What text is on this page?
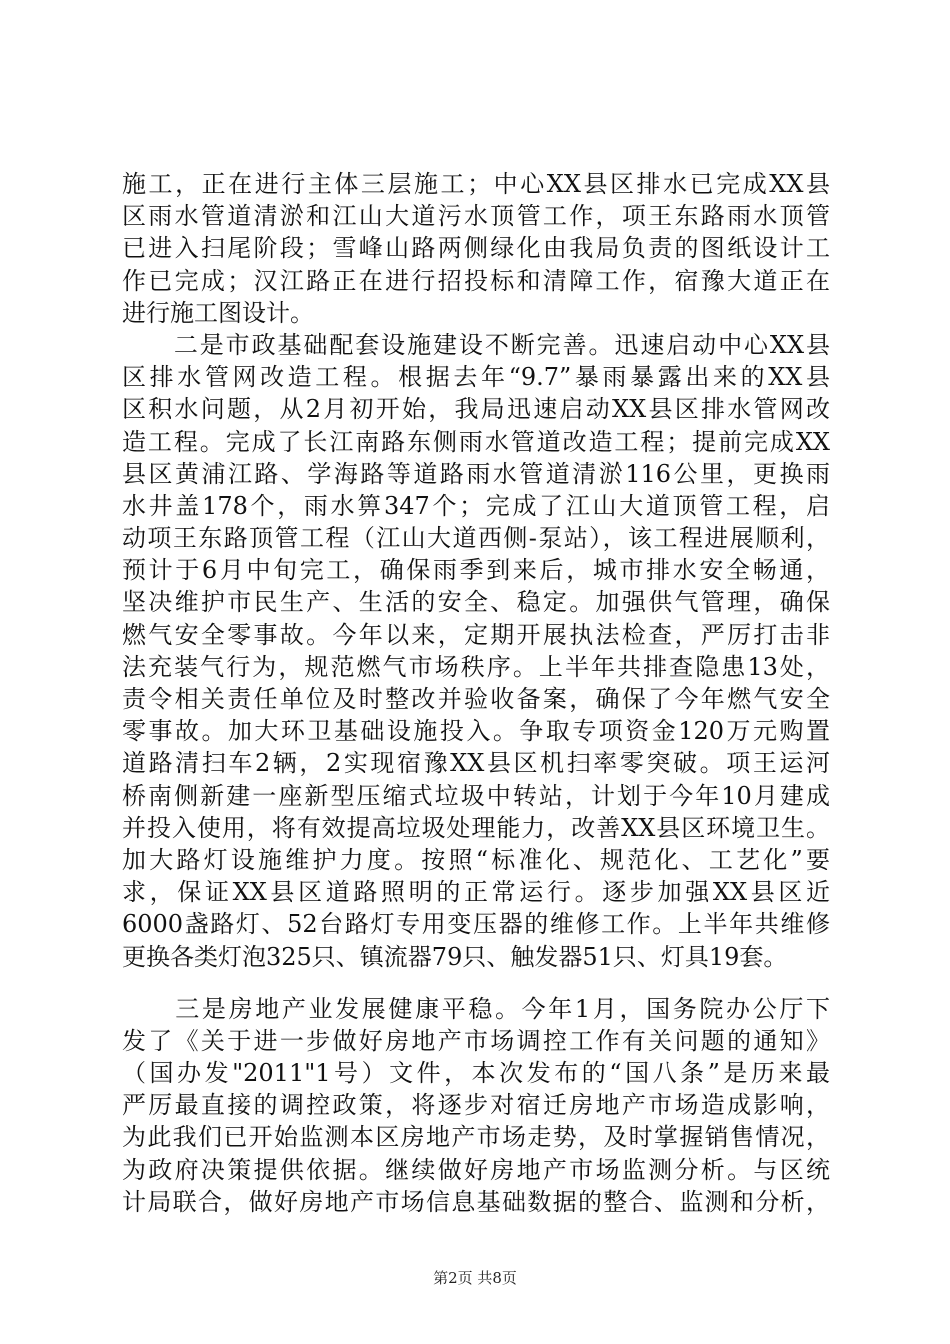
施工，正在进行主体三层施工；中心XX县区排水已完成XX县
区雨水管道清淤和江山大道污水顶管工作，项王东路雨水顶管
已进入扫尾阶段；雪峰山路两侧绿化由我局负责的图纸设计工
作已完成；汉江路正在进行招投标和清障工作，宿豫大道正在
进行施工图设计。
　　二是市政基础配套设施建设不断完善。迅速启动中心XX县
区排水管网改造工程。根据去年“9.7”暴雨暴露出来的XX县
区积水问题，从2月初开始，我局迅速启动XX县区排水管网改
造工程。完成了长江南路东侧雨水管道改造工程；提前完成XX
县区黄浦江路、学海路等道路雨水管道清淤116公里，更换雨
水井盖178个，雨水箅347个；完成了江山大道顶管工程，启
动项王东路顶管工程（江山大道西侧-泵站），该工程进展顺利，
预计于6月中旬完工，确保雨季到来后，城市排水安全畅通，
坚决维护市民生产、生活的安全、稳定。加强供气管理，确保
燃气安全零事故。今年以来，定期开展执法检查，严厉打击非
法充装气行为，规范燃气市场秩序。上半年共排查隐患13处，
责令相关责任单位及时整改并验收备案，确保了今年燃气安全
零事故。加大环卫基础设施投入。争取专项资金120万元购置
道路清扫车2辆，2实现宿豫XX县区机扫率零突破。项王运河
桥南侧新建一座新型压缩式垃圾中转站，计划于今年10月建成
并投入使用，将有效提高垃圾处理能力，改善XX县区环境卫生。
加大路灯设施维护力度。按照“标准化、规范化、工艺化”要
求，保证XX县区道路照明的正常运行。逐步加强XX县区近
6000盏路灯、52台路灯专用变压器的维修工作。上半年共维修
更换各类灯泡325只、镇流器79只、触发器51只、灯具19套。
　　三是房地产业发展健康平稳。今年1月，国务院办公厅下
发了《关于进一步做好房地产市场调控工作有关问题的通知》
（国办发"2011"1号）文件，本次发布的“国八条”是历来最
严厉最直接的调控政策，将逐步对宿迁房地产市场造成影响，
为此我们已开始监测本区房地产市场走势，及时掌握销售情况，
为政府决策提供依据。继续做好房地产市场监测分析。与区统
计局联合，做好房地产市场信息基础数据的整合、监测和分析，
第2页 共8页
